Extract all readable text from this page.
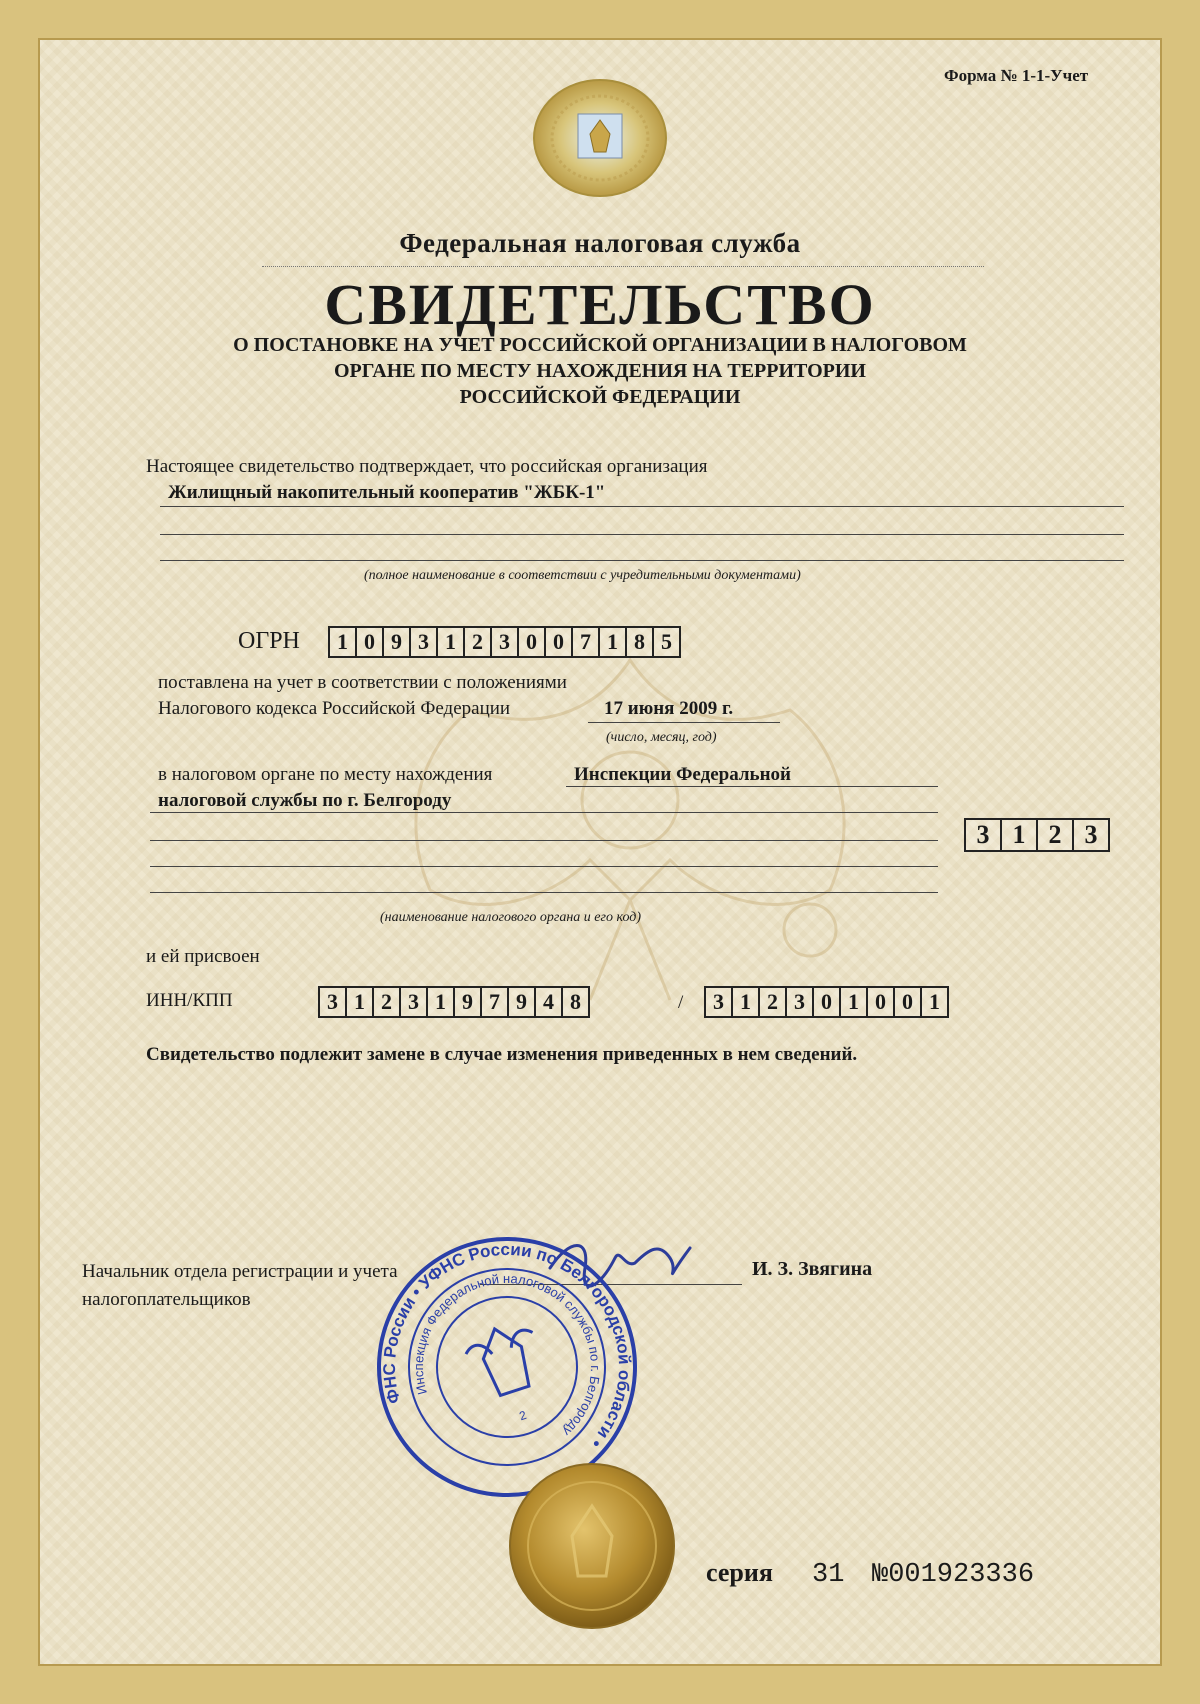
Форма № 1-1-Учет
Федеральная налоговая служба
СВИДЕТЕЛЬСТВО
О ПОСТАНОВКЕ НА УЧЕТ РОССИЙСКОЙ ОРГАНИЗАЦИИ В НАЛОГОВОМ
ОРГАНЕ ПО МЕСТУ НАХОЖДЕНИЯ НА ТЕРРИТОРИИ
РОССИЙСКОЙ ФЕДЕРАЦИИ
Настоящее свидетельство подтверждает, что российская организация
Жилищный накопительный кооператив "ЖБК-1"
(полное наименование в соответствии с учредительными документами)
ОГРН	1 0 9 3 1 2 3 0 0 7 1 8 5
поставлена на учет в соответствии с положениями
Налогового кодекса Российской Федерации	17 июня 2009 г.
(число, месяц, год)
в налоговом органе по месту нахождения	Инспекции Федеральной
налоговой службы по г. Белгороду
3 1 2 3
(наименование налогового органа и его код)
и ей присвоен
ИНН/КПП	3 1 2 3 1 9 7 9 4 8	/	3 1 2 3 0 1 0 0 1
Свидетельство подлежит замене в случае изменения приведенных в нем сведений.
Начальник отдела регистрации и учета
налогоплательщиков
И. З. Звягина
ФНС России • УФНС России по Белгородской области •
Инспекция Федеральной налоговой службы по г. Белгороду
2
серия 31 №001923336
